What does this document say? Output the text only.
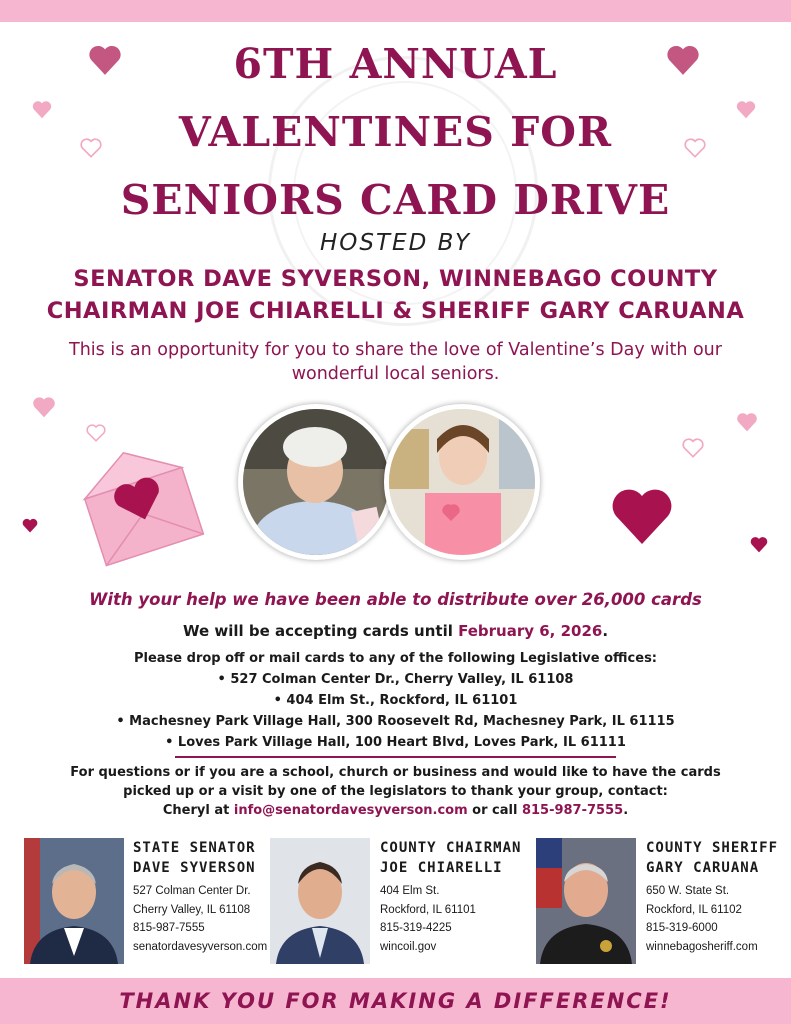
6TH ANNUAL
VALENTINES FOR
SENIORS CARD DRIVE
HOSTED BY
SENATOR DAVE SYVERSON, WINNEBAGO COUNTY
CHAIRMAN JOE CHIARELLI & SHERIFF GARY CARUANA
This is an opportunity for you to share the love of Valentine’s Day with our wonderful local seniors.
With your help we have been able to distribute over 26,000 cards
We will be accepting cards until February 6, 2026.
Please drop off or mail cards to any of the following Legislative offices:
• 527 Colman Center Dr., Cherry Valley, IL 61108
• 404 Elm St., Rockford, IL 61101
• Machesney Park Village Hall, 300 Roosevelt Rd, Machesney Park, IL 61115
• Loves Park Village Hall, 100 Heart Blvd, Loves Park, IL 61111
For questions or if you are a school, church or business and would like to have the cards
picked up or a visit by one of the legislators to thank your group, contact:
Cheryl at info@senatordavesyverson.com or call 815-987-7555.
STATE SENATOR
DAVE SYVERSON
527 Colman Center Dr.
Cherry Valley, IL 61108
815-987-7555
senatordavesyverson.com
COUNTY CHAIRMAN
JOE CHIARELLI
404 Elm St.
Rockford, IL 61101
815-319-4225
wincoil.gov
COUNTY SHERIFF
GARY CARUANA
650 W. State St.
Rockford, IL 61102
815-319-6000
winnebagosheriff.com
THANK YOU FOR MAKING A DIFFERENCE!
